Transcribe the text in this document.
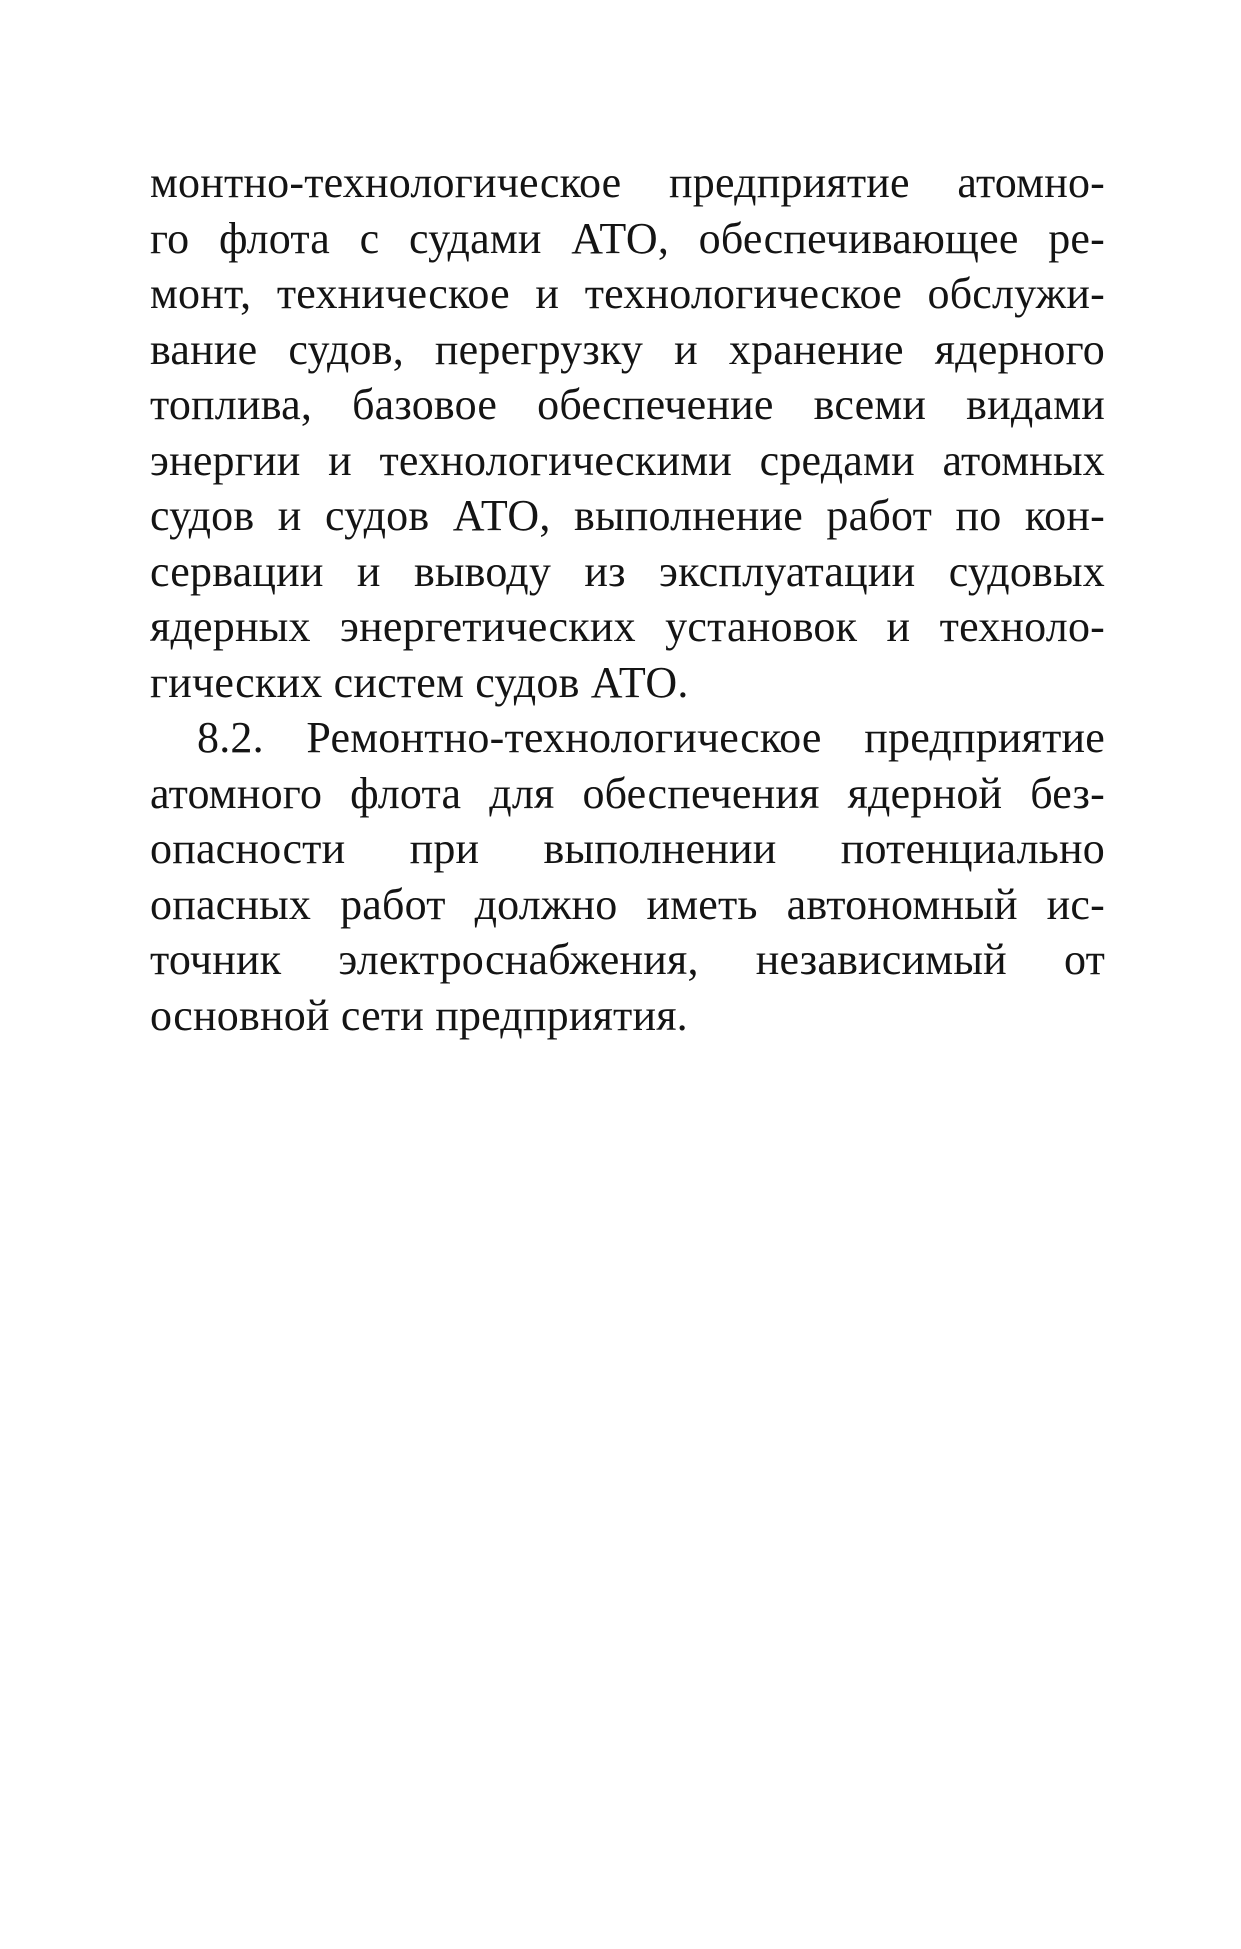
монтно-технологическое предприятие атомно-
го флота с судами АТО, обеспечивающее ре-
монт, техническое и технологическое обслужи-
вание судов, перегрузку и хранение ядерного
топлива, базовое обеспечение всеми видами
энергии и технологическими средами атомных
судов и судов АТО, выполнение работ по кон-
сервации и выводу из эксплуатации судовых
ядерных энергетических установок и техноло-
гических систем судов АТО.

8.2. Ремонтно-технологическое предприятие
атомного флота для обеспечения ядерной без-
опасности при выполнении потенциально
опасных работ должно иметь автономный ис-
точник электроснабжения, независимый от
основной сети предприятия.
